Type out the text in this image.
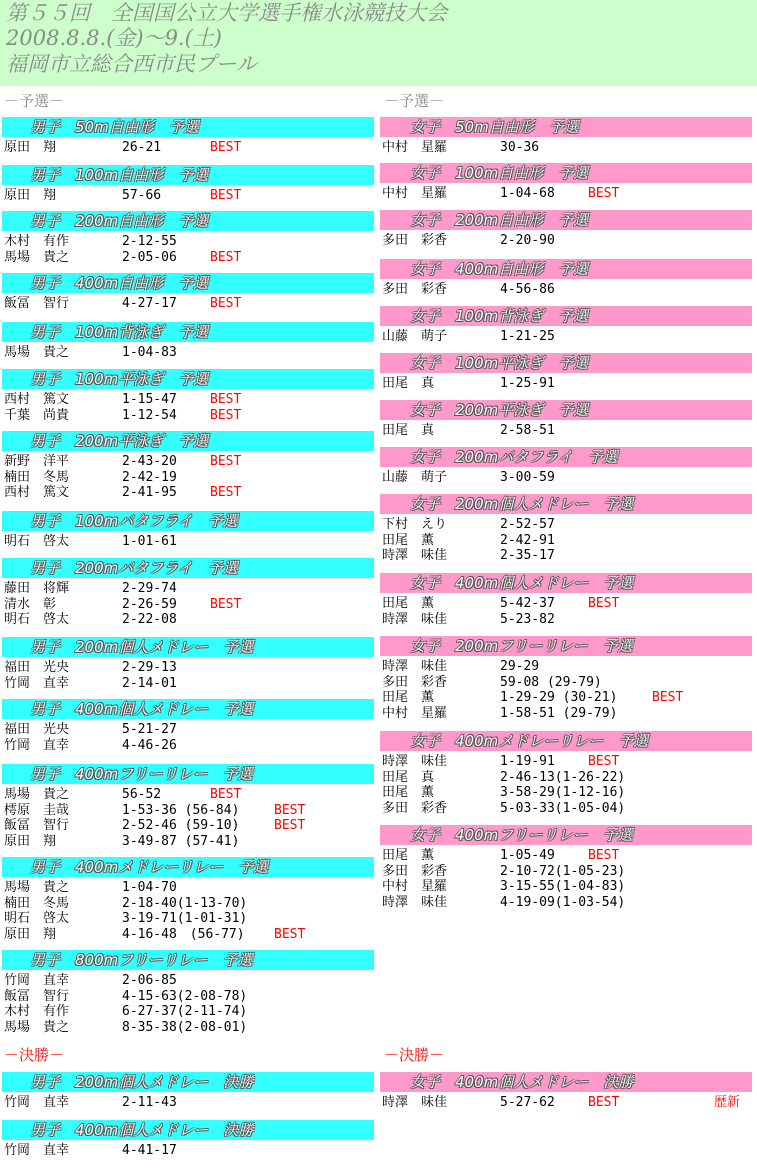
第５５回　全国国公立大学選手権水泳競技大会
2008.8.8.(金)～9.(土)
福岡市立総合西市民プール
－予選－	－予選－
－決勝－	－決勝－
男子　50m自由形　予選
原田　翔	26-21	BEST
男子　100m自由形　予選
原田　翔	57-66	BEST
男子　200m自由形　予選
木村　有作	2-12-55
馬場　貴之	2-05-06	BEST
男子　400m自由形　予選
飯冨　智行	4-27-17	BEST
男子　100m背泳ぎ　予選
馬場　貴之	1-04-83
男子　100m平泳ぎ　予選
西村　篤文	1-15-47	BEST
千葉　尚貴	1-12-54	BEST
男子　200m平泳ぎ　予選
新野　洋平	2-43-20	BEST
楠田　冬馬	2-42-19
西村　篤文	2-41-95	BEST
男子　100mバタフライ　予選
明石　啓太	1-01-61
男子　200mバタフライ　予選
藤田　将輝	2-29-74
清水　彰	2-26-59	BEST
明石　啓太	2-22-08
男子　200m個人メドレー　予選
福田　光央	2-29-13
竹岡　直幸	2-14-01
男子　400m個人メドレー　予選
福田　光央	5-21-27
竹岡　直幸	4-46-26
男子　400mフリーリレー　予選
馬場　貴之	56-52	BEST
樗原　圭哉	1-53-36 (56-84)	BEST
飯冨　智行	2-52-46 (59-10)	BEST
原田　翔	3-49-87 (57-41)
男子　400mメドレーリレー　予選
馬場　貴之	1-04-70
楠田　冬馬	2-18-40(1-13-70)
明石　啓太	3-19-71(1-01-31)
原田　翔	4-16-48　(56-77) BEST
男子　800mフリーリレー　予選
竹岡　直幸	2-06-85
飯冨　智行	4-15-63(2-08-78)
木村　有作	6-27-37(2-11-74)
馬場　貴之	8-35-38(2-08-01)
女子　50m自由形　予選
中村　星羅	30-36
女子　100m自由形　予選
中村　星羅	1-04-68	BEST
女子　200m自由形　予選
多田　彩香	2-20-90
女子　400m自由形　予選
多田　彩香	4-56-86
女子　100m背泳ぎ　予選
山藤　萌子	1-21-25
女子　100m平泳ぎ　予選
田尾　真	1-25-91
女子　200m平泳ぎ　予選
田尾　真	2-58-51
女子　200mバタフライ　予選
山藤　萌子	3-00-59
女子　200m個人メドレー　予選
下村　えり	2-52-57
田尾　薫	2-42-91
時澤　味佳	2-35-17
女子　400m個人メドレー　予選
田尾　薫	5-42-37	BEST
時澤　味佳	5-23-82
女子　200mフリーリレー　予選
時澤　味佳	29-29
多田　彩香	59-08 (29-79)
田尾　薫	1-29-29 (30-21)	BEST
中村　星羅	1-58-51 (29-79)
女子　400mメドレーリレー　予選
時澤　味佳	1-19-91	BEST
田尾　真	2-46-13(1-26-22)
田尾　薫	3-58-29(1-12-16)
多田　彩香	5-03-33(1-05-04)
女子　400mフリーリレー　予選
田尾　薫	1-05-49	BEST
多田　彩香	2-10-72(1-05-23)
中村　星羅	3-15-55(1-04-83)
時澤　味佳	4-19-09(1-03-54)
男子　200m個人メドレー　決勝
竹岡　直幸	2-11-43
男子　400m個人メドレー　決勝
竹岡　直幸	4-41-17
女子　400m個人メドレー　決勝
時澤　味佳	5-27-62	BEST	歴新
